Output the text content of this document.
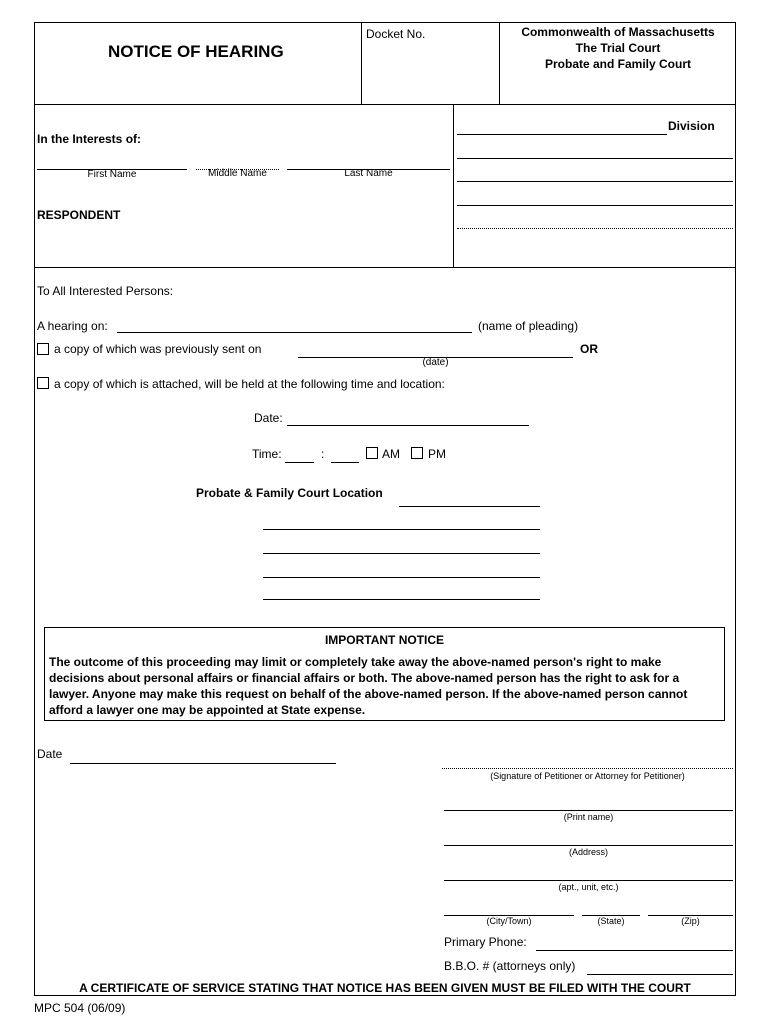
NOTICE OF HEARING
Docket No.	Commonwealth of Massachusetts
The Trial Court
Probate and Family Court
Division
In the Interests of:
First Name	Middle Name	Last Name
RESPONDENT
To All Interested Persons:
A hearing on:	(name of pleading)
a copy of which was previously sent on	OR
(date)
a copy of which is attached, will be held at the following time and location:
Date:
Time:	:	AM PM
Probate & Family Court Location
IMPORTANT NOTICE
The outcome of this proceeding may limit or completely take away the above-named person's right to make decisions about personal affairs or financial affairs or both. The above-named person has the right to ask for a lawyer. Anyone may make this request on behalf of the above-named person. If the above-named person cannot afford a lawyer one may be appointed at State expense.
Date
(Signature of Petitioner or Attorney for Petitioner)
(Print name)
(Address)
(apt., unit, etc.)
(City/Town)	(State)	(Zip)
Primary Phone:
B.B.O. # (attorneys only)
A CERTIFICATE OF SERVICE STATING THAT NOTICE HAS BEEN GIVEN MUST BE FILED WITH THE COURT
MPC 504 (06/09)
